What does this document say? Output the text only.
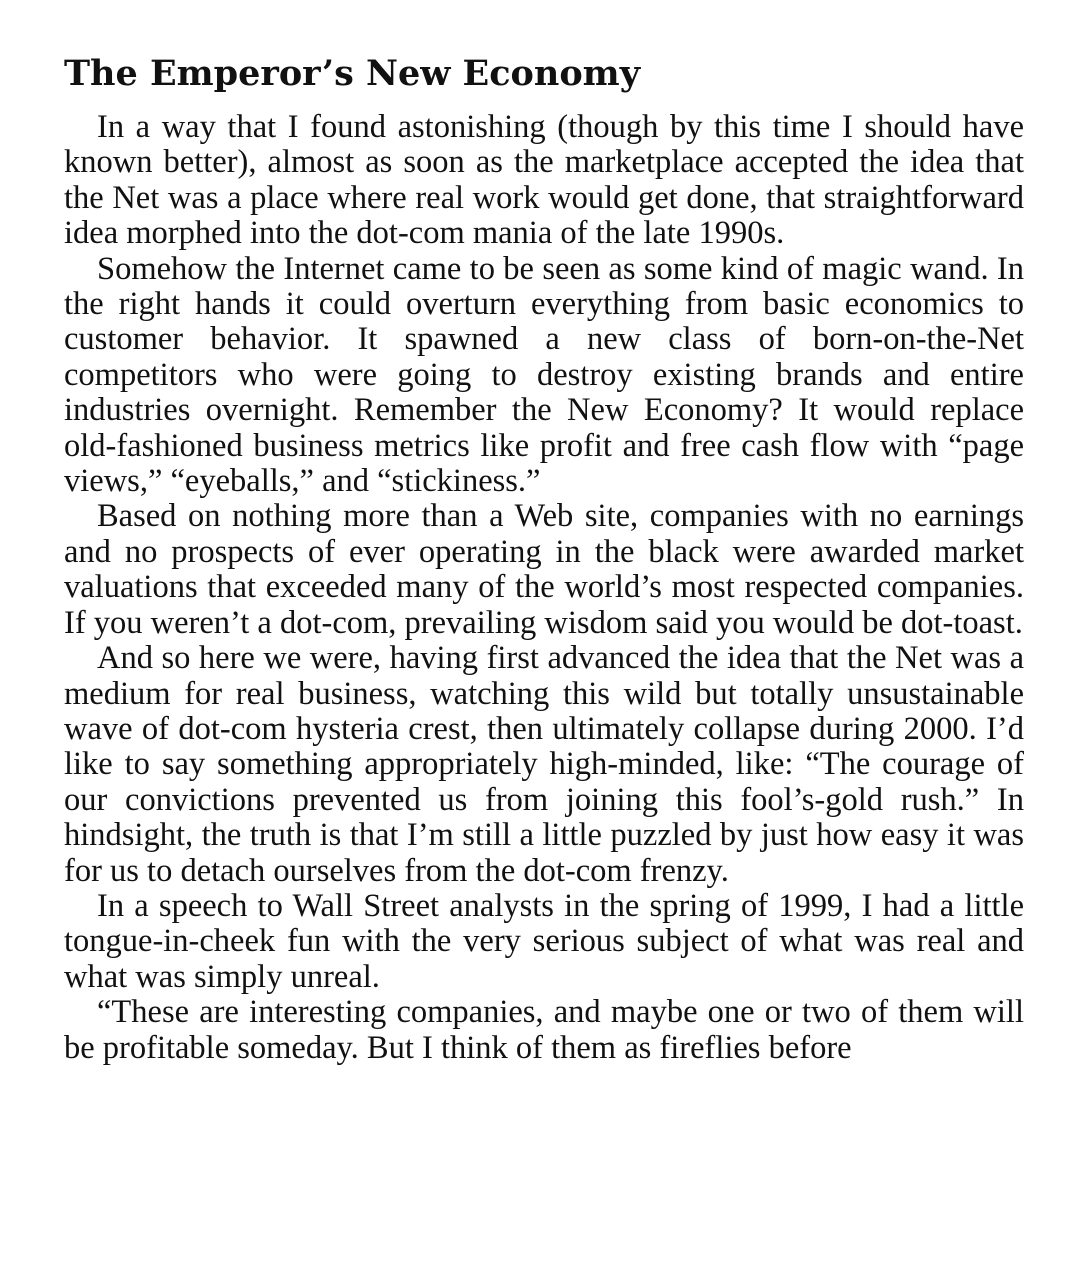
The Emperor’s New Economy

In a way that I found astonishing (though by this time I should have known better), almost as soon as the marketplace accepted the idea that the Net was a place where real work would get done, that straightforward idea morphed into the dot-com mania of the late 1990s.

Somehow the Internet came to be seen as some kind of magic wand. In the right hands it could overturn everything from basic economics to customer behavior. It spawned a new class of born-on-the-Net competitors who were going to destroy existing brands and entire industries overnight. Remember the New Economy? It would replace old-fashioned business metrics like profit and free cash flow with “page views,” “eyeballs,” and “stickiness.”

Based on nothing more than a Web site, companies with no earnings and no prospects of ever operating in the black were awarded market valuations that exceeded many of the world’s most respected companies. If you weren’t a dot-com, prevailing wisdom said you would be dot-toast.

And so here we were, having first advanced the idea that the Net was a medium for real business, watching this wild but totally unsustainable wave of dot-com hysteria crest, then ultimately collapse during 2000. I’d like to say something appropriately high-minded, like: “The courage of our convictions prevented us from joining this fool’s-gold rush.” In hindsight, the truth is that I’m still a little puzzled by just how easy it was for us to detach ourselves from the dot-com frenzy.

In a speech to Wall Street analysts in the spring of 1999, I had a little tongue-in-cheek fun with the very serious subject of what was real and what was simply unreal.

“These are interesting companies, and maybe one or two of them will be profitable someday. But I think of them as fireflies before
